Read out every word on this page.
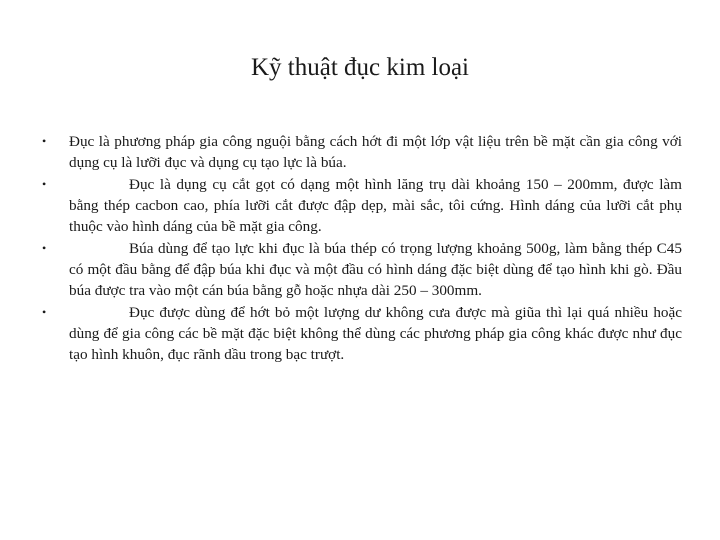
Kỹ thuật đục kim loại
•	Đục là phương pháp gia công nguội bằng cách hớt đi một lớp vật liệu trên bề mặt cần gia công với dụng cụ là lưỡi đục và dụng cụ tạo lực là búa.
•	Đục là dụng cụ cắt gọt có dạng một hình lăng trụ dài khoảng 150 – 200mm, được làm bằng thép cacbon cao, phía lưỡi cắt được đập dẹp, mài sắc, tôi cứng. Hình dáng của lưỡi cắt phụ thuộc vào hình dáng của bề mặt gia công.
•	Búa dùng để tạo lực khi đục là búa thép có trọng lượng khoảng 500g, làm bằng thép C45 có một đầu bằng để đập búa khi đục và một đầu có hình dáng đặc biệt dùng để tạo hình khi gò. Đầu búa được tra vào một cán búa bằng gỗ hoặc nhựa dài 250 – 300mm.
•	Đục được dùng để hớt bỏ một lượng dư không cưa được mà giũa thì lại quá nhiều hoặc dùng để gia công các bề mặt đặc biệt không thể dùng các phương pháp gia công khác được như đục tạo hình khuôn, đục rãnh dầu trong bạc trượt.
